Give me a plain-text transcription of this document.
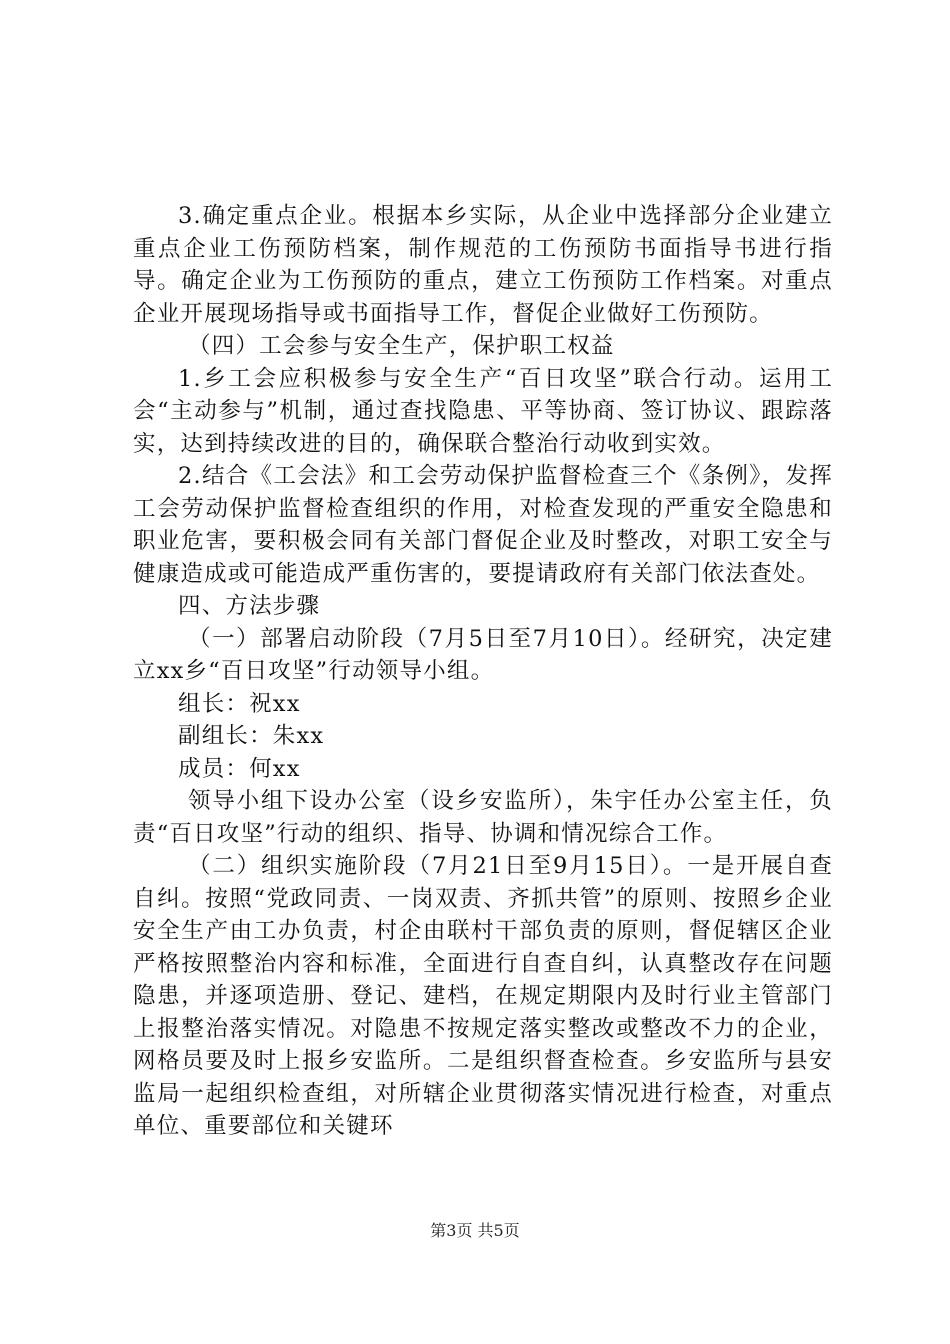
3.确定重点企业。根据本乡实际，从企业中选择部分企业建立重点企业工伤预防档案，制作规范的工伤预防书面指导书进行指导。确定企业为工伤预防的重点，建立工伤预防工作档案。对重点企业开展现场指导或书面指导工作，督促企业做好工伤预防。

（四）工会参与安全生产，保护职工权益

1.乡工会应积极参与安全生产“百日攻坚”联合行动。运用工会“主动参与”机制，通过查找隐患、平等协商、签订协议、跟踪落实，达到持续改进的目的，确保联合整治行动收到实效。

2.结合《工会法》和工会劳动保护监督检查三个《条例》，发挥工会劳动保护监督检查组织的作用，对检查发现的严重安全隐患和职业危害，要积极会同有关部门督促企业及时整改，对职工安全与健康造成或可能造成严重伤害的，要提请政府有关部门依法查处。

四、方法步骤

（一）部署启动阶段（7月5日至7月10日）。经研究，决定建立xx乡“百日攻坚”行动领导小组。

组长：祝xx

副组长：朱xx

成员：何xx

领导小组下设办公室（设乡安监所），朱宇任办公室主任，负责“百日攻坚”行动的组织、指导、协调和情况综合工作。

（二）组织实施阶段（7月21日至9月15日）。一是开展自查自纠。按照“党政同责、一岗双责、齐抓共管”的原则、按照乡企业安全生产由工办负责，村企由联村干部负责的原则，督促辖区企业严格按照整治内容和标准，全面进行自查自纠，认真整改存在问题隐患，并逐项造册、登记、建档，在规定期限内及时行业主管部门上报整治落实情况。对隐患不按规定落实整改或整改不力的企业，网格员要及时上报乡安监所。二是组织督查检查。乡安监所与县安监局一起组织检查组，对所辖企业贯彻落实情况进行检查，对重点单位、重要部位和关键环

第3页 共5页
